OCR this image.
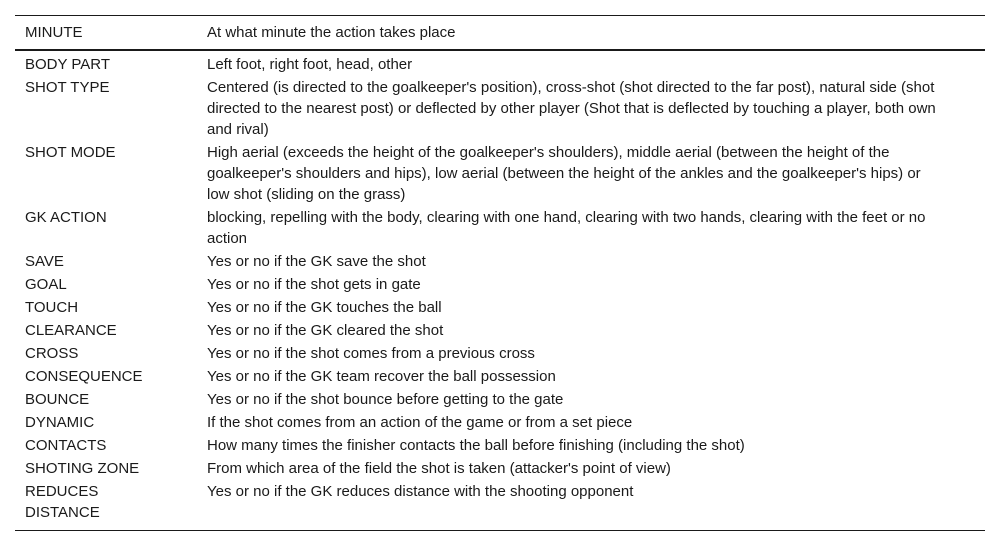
MINUTE	At what minute the action takes place
BODY PART	Left foot, right foot, head, other
SHOT TYPE	Centered (is directed to the goalkeeper's position), cross-shot (shot directed to the far post), natural side (shot directed to the nearest post) or deflected by other player (Shot that is deflected by touching a player, both own and rival)
SHOT MODE	High aerial (exceeds the height of the goalkeeper's shoulders), middle aerial (between the height of the goalkeeper's shoulders and hips), low aerial (between the height of the ankles and the goalkeeper's hips) or low shot (sliding on the grass)
GK ACTION	blocking, repelling with the body, clearing with one hand, clearing with two hands, clearing with the feet or no action
SAVE	Yes or no if the GK save the shot
GOAL	Yes or no if the shot gets in gate
TOUCH	Yes or no if the GK touches the ball
CLEARANCE	Yes or no if the GK cleared the shot
CROSS	Yes or no if the shot comes from a previous cross
CONSEQUENCE	Yes or no if the GK team recover the ball possession
BOUNCE	Yes or no if the shot bounce before getting to the gate
DYNAMIC	If the shot comes from an action of the game or from a set piece
CONTACTS	How many times the finisher contacts the ball before finishing (including the shot)
SHOTING ZONE	From which area of the field the shot is taken (attacker's point of view)
REDUCES DISTANCE	Yes or no if the GK reduces distance with the shooting opponent
